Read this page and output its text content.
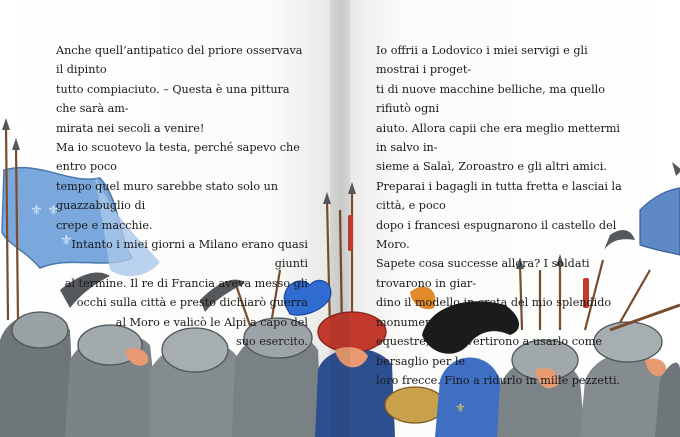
⚜ ⚜
⚜
⚜

Anche quell’antipatico del priore osservava il dipinto

tutto compiaciuto. – Questa è una pittura che sarà am-

mirata nei secoli a venire!

Ma io scuotevo la testa, perché sapevo che entro poco

tempo quel muro sarebbe stato solo un guazzabuglio di

crepe e macchie.

Intanto i miei giorni a Milano erano quasi giunti

al termine. Il re di Francia aveva messo gli

occhi sulla città e presto dichiarò guerra

al Moro e valicò le Alpi a capo del

suo esercito.

Io offrii a Lodovico i miei servigi e gli mostrai i proget-

ti di nuove macchine belliche, ma quello rifiutò ogni

aiuto. Allora capii che era meglio mettermi in salvo in-

sieme a Salaì, Zoroastro e gli altri amici.

Preparai i bagagli in tutta fretta e lasciai la città, e poco

dopo i francesi espugnarono il castello del Moro.

Sapete cosa successe allora? I soldati trovarono in giar-

dino il modello in creta del mio splendido monumento

equestre, e si divertirono a usarlo come bersaglio per le

loro frecce. Fino a ridurlo in mille pezzetti.
